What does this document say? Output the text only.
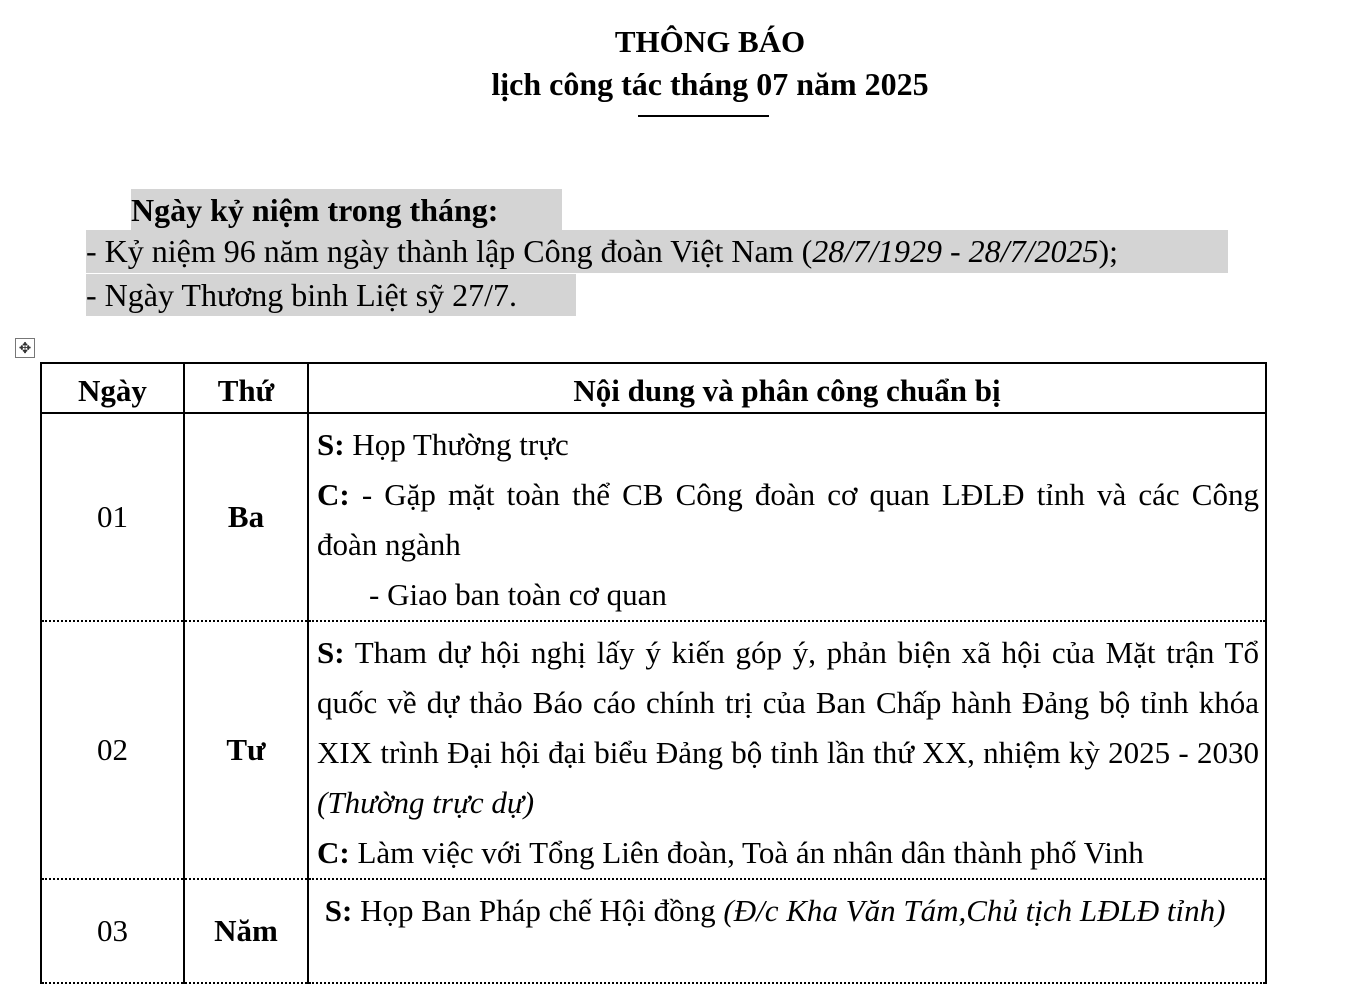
THÔNG BÁO
lịch công tác tháng 07 năm 2025
Ngày kỷ niệm trong tháng:
- Kỷ niệm 96 năm ngày thành lập Công đoàn Việt Nam (28/7/1929 - 28/7/2025);
- Ngày Thương binh Liệt sỹ 27/7.
✥
Ngày	Thứ	Nội dung và phân công chuẩn bị
01	Ba	S: Họp Thường trực
C: - Gặp mặt toàn thể CB Công đoàn cơ quan LĐLĐ tỉnh và các Công đoàn ngành
- Giao ban toàn cơ quan

02	Tư	S: Tham dự hội nghị lấy ý kiến góp ý, phản biện xã hội của Mặt trận Tổ quốc về dự thảo Báo cáo chính trị của Ban Chấp hành Đảng bộ tỉnh khóa XIX trình Đại hội đại biểu Đảng bộ tỉnh lần thứ XX, nhiệm kỳ 2025 - 2030 (Thường trực dự)
C: Làm việc với Tổng Liên đoàn, Toà án nhân dân thành phố Vinh

03	Năm	S: Họp Ban Pháp chế Hội đồng (Đ/c Kha Văn Tám,Chủ tịch LĐLĐ tỉnh)
